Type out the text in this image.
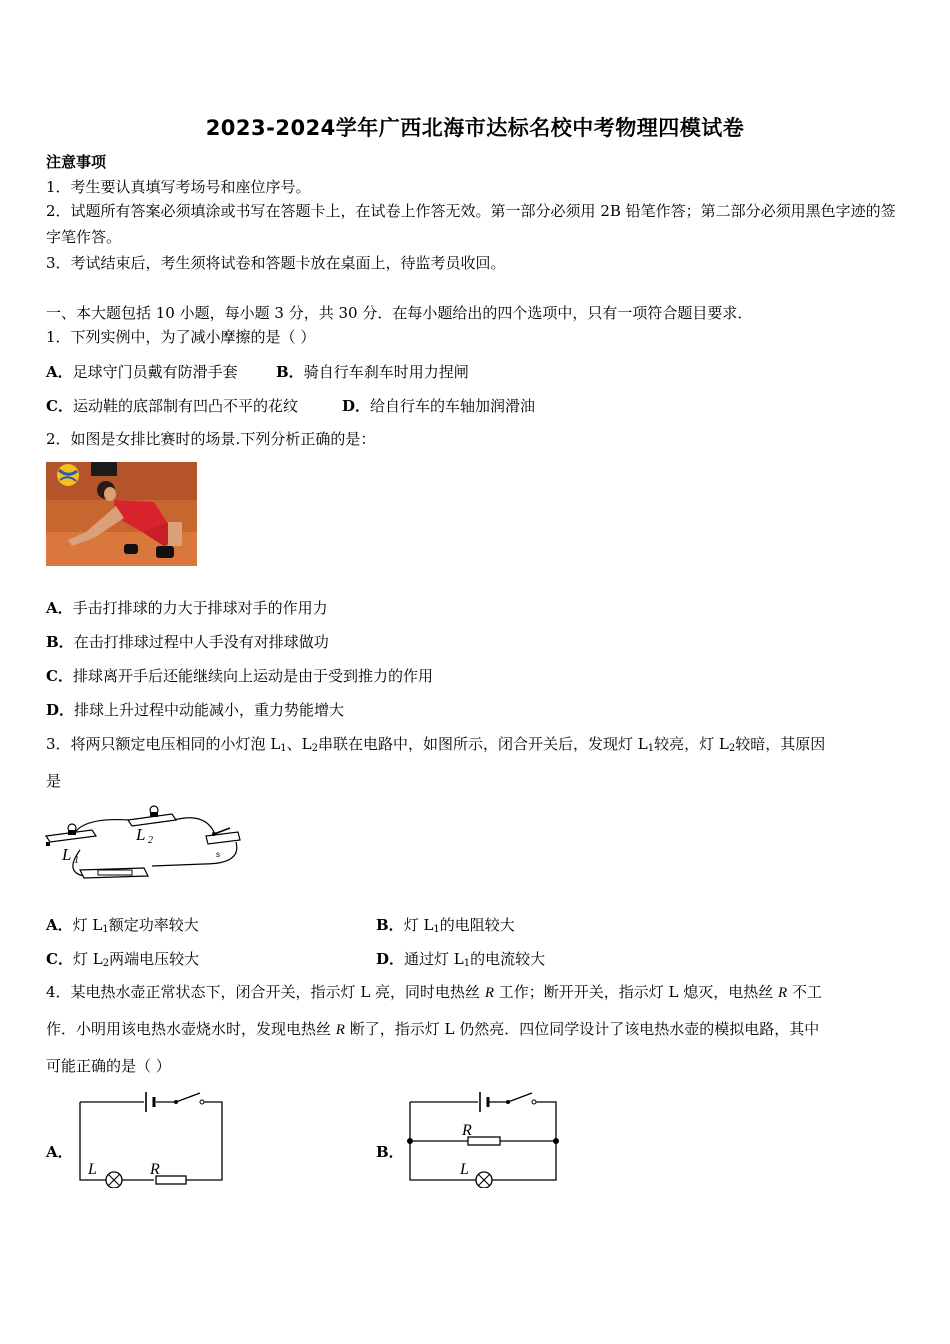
2023-2024学年广西北海市达标名校中考物理四模试卷
注意事项
1．考生要认真填写考场号和座位序号。
2．试题所有答案必须填涂或书写在答题卡上，在试卷上作答无效。第一部分必须用 2B 铅笔作答；第二部分必须用黑色字迹的签字笔作答。
3．考试结束后，考生须将试卷和答题卡放在桌面上，待监考员收回。
一、本大题包括 10 小题，每小题 3 分，共 30 分．在每小题给出的四个选项中，只有一项符合题目要求．
1．下列实例中，为了减小摩擦的是（ ）
A．足球守门员戴有防滑手套	B．骑自行车刹车时用力捏闸
C．运动鞋的底部制有凹凸不平的花纹	D．给自行车的车轴加润滑油
2．如图是女排比赛时的场景.下列分析正确的是：
A．手击打排球的力大于排球对手的作用力
B．在击打排球过程中人手没有对排球做功
C．排球离开手后还能继续向上运动是由于受到推力的作用
D．排球上升过程中动能减小，重力势能增大
3．将两只额定电压相同的小灯泡 $L_1$、$L_2$串联在电路中，如图所示，闭合开关后，发现灯 $L_1$较亮，灯 $L_2$较暗，其原因
是
L 1
L 2
s
A．灯 $L_1$额定功率较大	B．灯 $L_1$的电阻较大
C．灯 $L_2$两端电压较大	D．通过灯 $L_1$的电流较大
4．某电热水壶正常状态下，闭合开关，指示灯 L 亮，同时电热丝 R 工作；断开开关，指示灯 L 熄灭，电热丝 R 不工
作．小明用该电热水壶烧水时，发现电热丝 R 断了，指示灯 L 仍然亮．四位同学设计了该电热水壶的模拟电路，其中
可能正确的是（ ）
A．
L	R
B．
R
L
